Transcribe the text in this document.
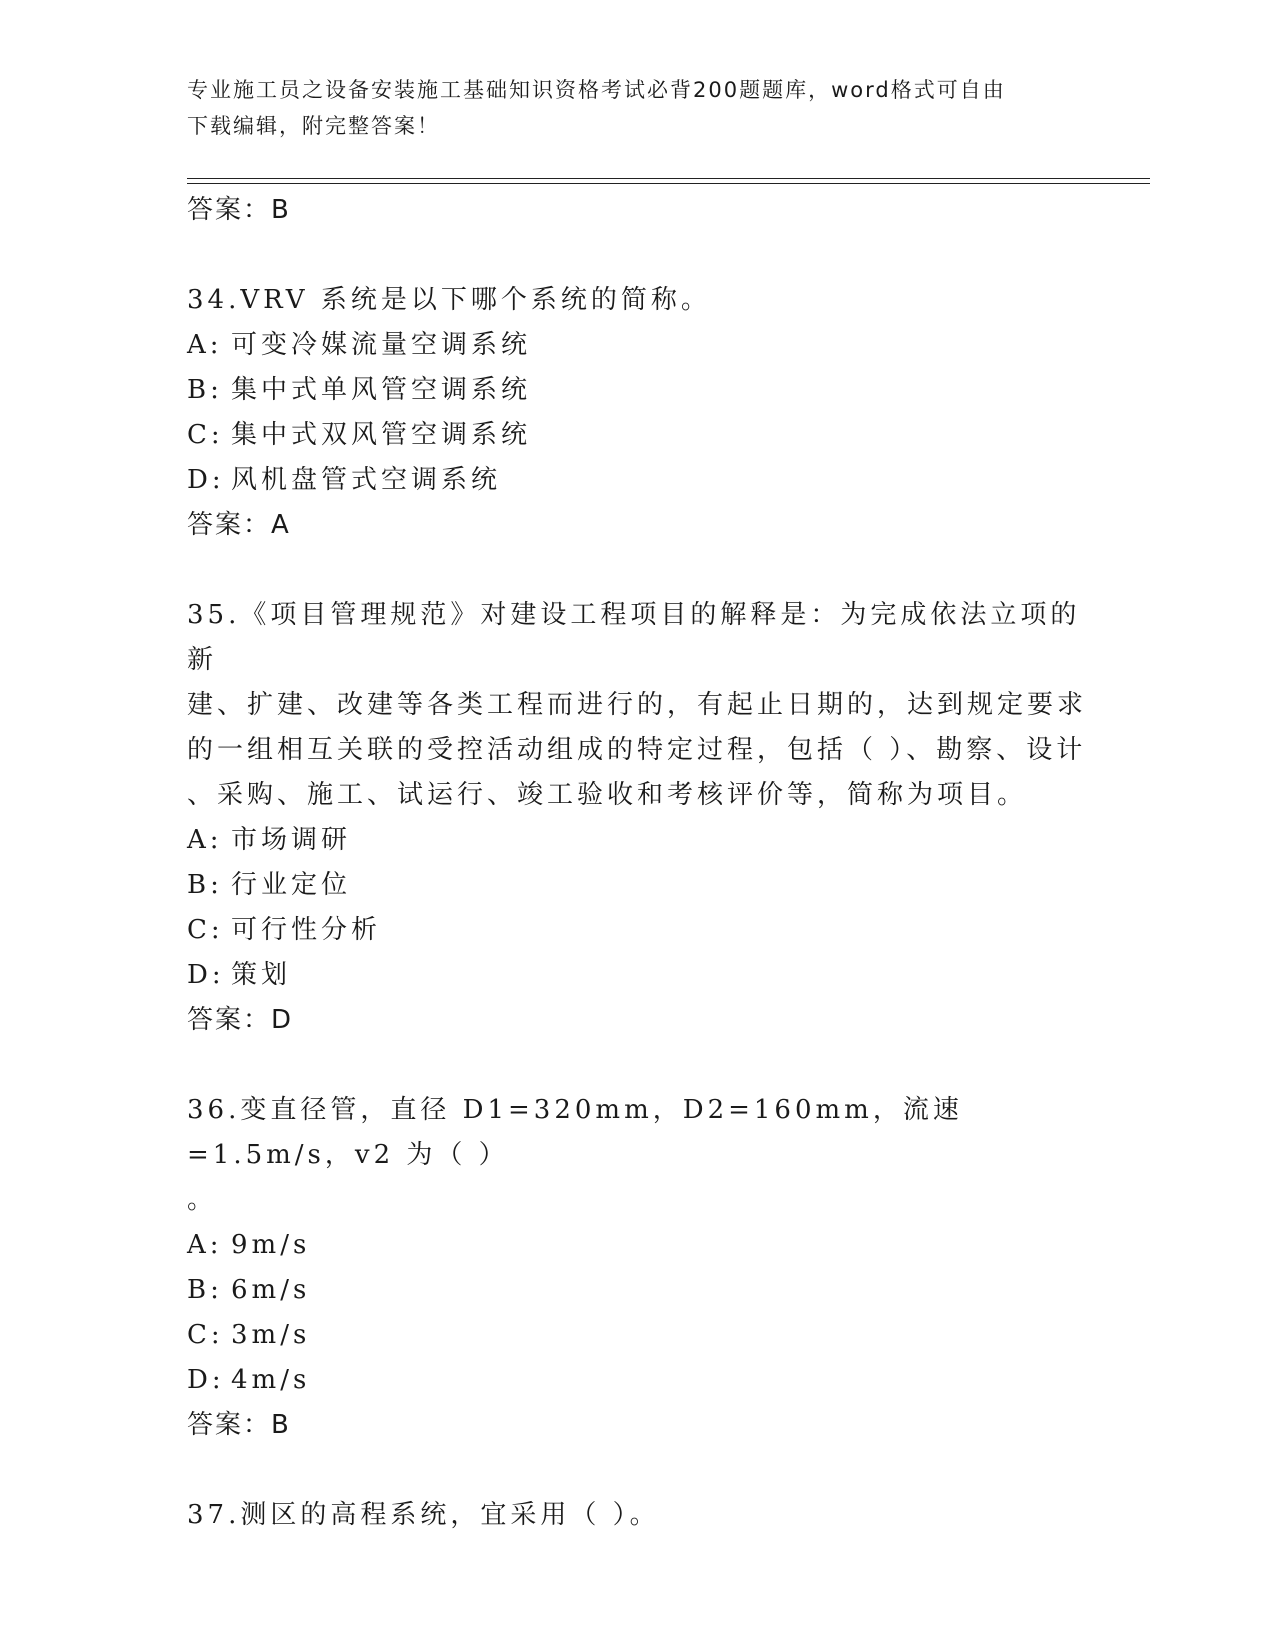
专业施工员之设备安装施工基础知识资格考试必背200题题库，word格式可自由
下载编辑，附完整答案！
答案：B
34.VRV 系统是以下哪个系统的简称。
A: 可变冷媒流量空调系统
B: 集中式单风管空调系统
C: 集中式双风管空调系统
D: 风机盘管式空调系统
答案：A
35.《项目管理规范》对建设工程项目的解释是：为完成依法立项的新
建、扩建、改建等各类工程而进行的，有起止日期的，达到规定要求
的一组相互关联的受控活动组成的特定过程，包括（ ）、勘察、设计
、采购、施工、试运行、竣工验收和考核评价等，简称为项目。
A: 市场调研
B: 行业定位
C: 可行性分析
D: 策划
答案：D
36.变直径管，直径 D1=320mm，D2=160mm，流速=1.5m/s，v2 为（ ）
。
A: 9m/s
B: 6m/s
C: 3m/s
D: 4m/s
答案：B
37.测区的高程系统，宜采用（ ）。
